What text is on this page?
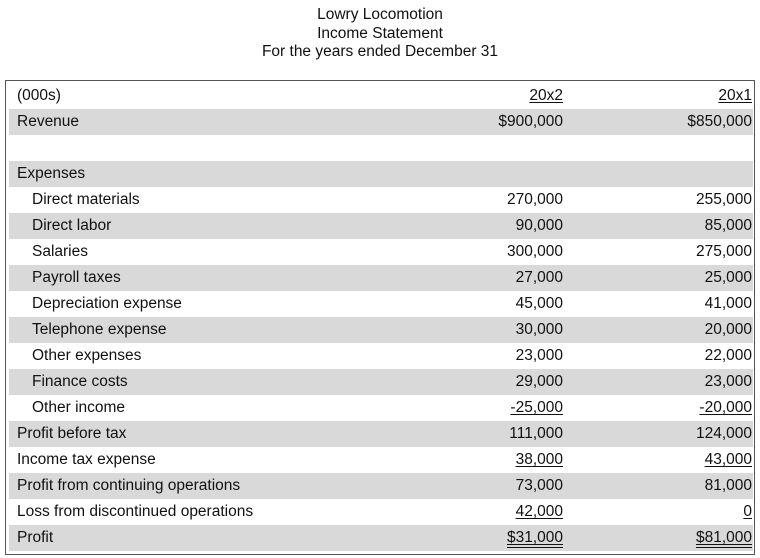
Lowry Locomotion
Income Statement
For the years ended December 31
(000s)	20x2	20x1
Revenue	$900,000	$850,000
Expenses
Direct materials	270,000	255,000
Direct labor	90,000	85,000
Salaries	300,000	275,000
Payroll taxes	27,000	25,000
Depreciation expense	45,000	41,000
Telephone expense	30,000	20,000
Other expenses	23,000	22,000
Finance costs	29,000	23,000
Other income	-25,000	-20,000
Profit before tax	111,000	124,000
Income tax expense	38,000	43,000
Profit from continuing operations	73,000	81,000
Loss from discontinued operations	42,000	0
Profit	$31,000	$81,000
